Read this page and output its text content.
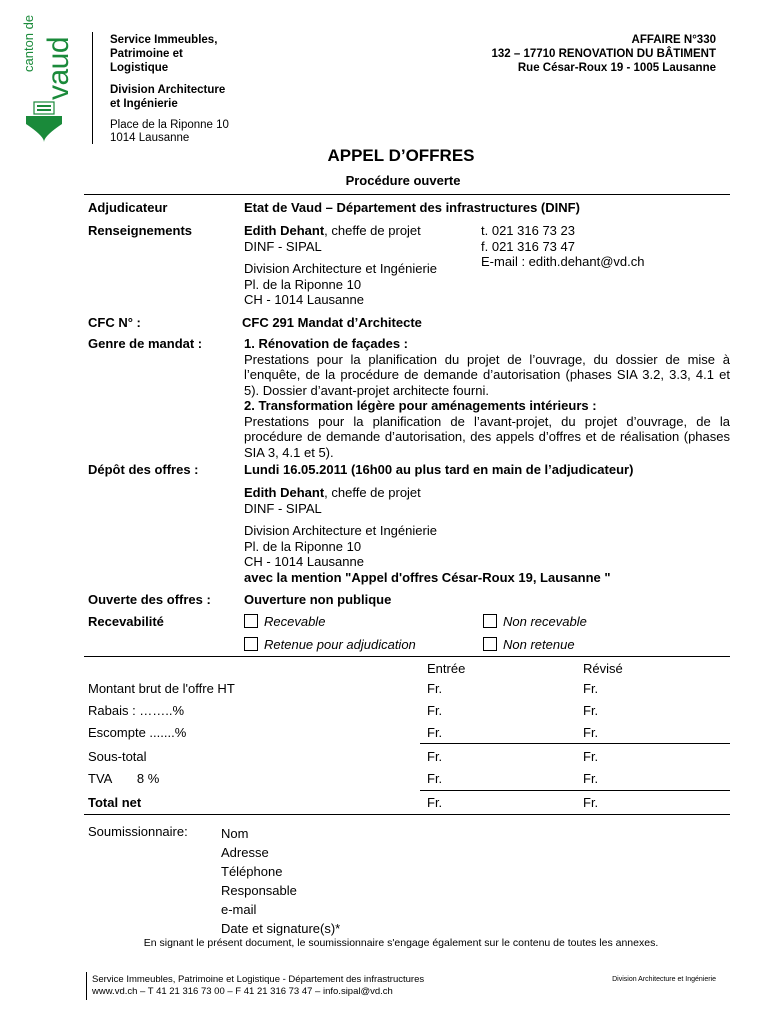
canton de vaud	Service Immeubles,
Patrimoine et
Logistique
Division Architecture
et Ingénierie
Place de la Riponne 10
1014 Lausanne
AFFAIRE N°330
132 – 17710 RENOVATION DU BÂTIMENT
Rue César-Roux 19 - 1005 Lausanne
APPEL D’OFFRES
Procédure ouverte
Adjudicateur	Etat de Vaud – Département des infrastructures (DINF)
Renseignements	Edith Dehant, cheffe de projet
DINF - SIPAL
Division Architecture et Ingénierie
Pl. de la Riponne 10
CH - 1014 Lausanne
t. 021 316 73 23
f. 021 316 73 47
E-mail : edith.dehant@vd.ch
CFC N° :	CFC 291 Mandat d’Architecte
Genre de mandat :	1. Rénovation de façades :
Prestations pour la planification du projet de l’ouvrage, du dossier de mise à l’enquête, de la procédure de demande d’autorisation (phases SIA 3.2, 3.3, 4.1 et 5). Dossier d’avant-projet architecte fourni.
2. Transformation légère pour aménagements intérieurs :
Prestations pour la planification de l’avant-projet, du projet d’ouvrage, de la procédure de demande d’autorisation, des appels d’offres et de réalisation (phases SIA 3, 4.1 et 5).
Dépôt des offres :	Lundi 16.05.2011 (16h00 au plus tard en main de l’adjudicateur)
Edith Dehant, cheffe de projet
DINF - SIPAL
Division Architecture et Ingénierie
Pl. de la Riponne 10
CH - 1014 Lausanne
avec la mention "Appel d'offres César-Roux 19, Lausanne "
Ouverte des offres :	Ouverture non publique
Recevabilité	Recevable	Non recevable
Retenue pour adjudication	Non retenue
Entrée	Révisé
Montant brut de l'offre HT	Fr.	Fr.
Rabais : ……..%	Fr.	Fr.
Escompte .......%	Fr.	Fr.
Sous-total	Fr.	Fr.
TVA       8 %	Fr.	Fr.
Total net	Fr.	Fr.
Soumissionnaire:	Nom
Adresse
Téléphone
Responsable
e-mail
Date et signature(s)*
En signant le présent document, le soumissionnaire s'engage également sur le contenu de toutes les annexes.
Service Immeubles, Patrimoine et Logistique - Département des infrastructures
www.vd.ch – T 41 21 316 73 00 – F 41 21 316 73 47 – info.sipal@vd.ch
Division Architecture et Ingénierie
